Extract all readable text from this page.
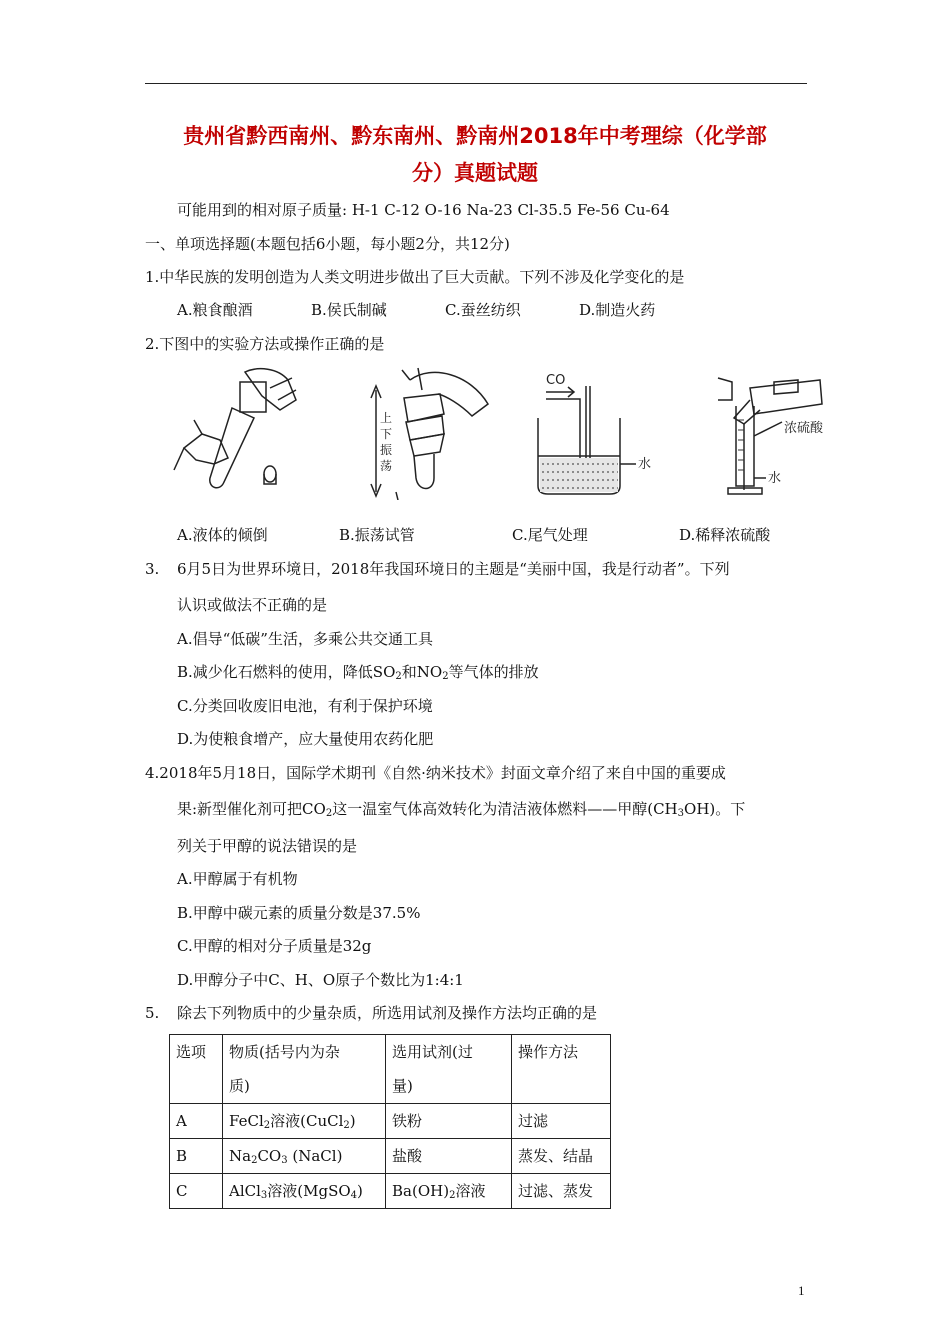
贵州省黔西南州、黔东南州、黔南州2018年中考理综（化学部
分）真题试题
可能用到的相对原子质量: H-1 C-12 O-16 Na-23 Cl-35.5 Fe-56 Cu-64
一、单项选择题(本题包括6小题，每小题2分，共12分)
1.中华民族的发明创造为人类文明进步做出了巨大贡献。下列不涉及化学变化的是
A.粮食酿酒	B.侯氏制碱	C.蚕丝纺织	D.制造火药
2.下图中的实验方法或操作正确的是
上
下
振
荡
CO
水
浓硫酸
水
A.液体的倾倒	B.振荡试管	C.尾气处理	D.稀释浓硫酸
3. 6月5日为世界环境日，2018年我国环境日的主题是“美丽中国，我是行动者”。下列
认识或做法不正确的是
A.倡导“低碳”生活，多乘公共交通工具
B.减少化石燃料的使用，降低$SO_2$和$NO_2$等气体的排放
C.分类回收废旧电池，有利于保护环境
D.为使粮食增产，应大量使用农药化肥
4.2018年5月18日，国际学术期刊《自然·纳米技术》封面文章介绍了来自中国的重要成
果:新型催化剂可把$CO_2$这一温室气体高效转化为清洁液体燃料——甲醇$(CH_3OH)$。下
列关于甲醇的说法错误的是
A.甲醇属于有机物
B.甲醇中碳元素的质量分数是37.5%
C.甲醇的相对分子质量是32g
D.甲醇分子中C、H、O原子个数比为1:4:1
5. 除去下列物质中的少量杂质，所选用试剂及操作方法均正确的是
选项	物质(括号内为杂
质)	选用试剂(过
量)	操作方法
A	FeCl$_2$溶液(CuCl$_2$)	铁粉	过滤
B	$Na_2CO_3$ (NaCl)	盐酸	蒸发、结晶
C	AlCl$_3$溶液(MgSO$_4$)	$Ba(OH)_2$溶液	过滤、蒸发
1
